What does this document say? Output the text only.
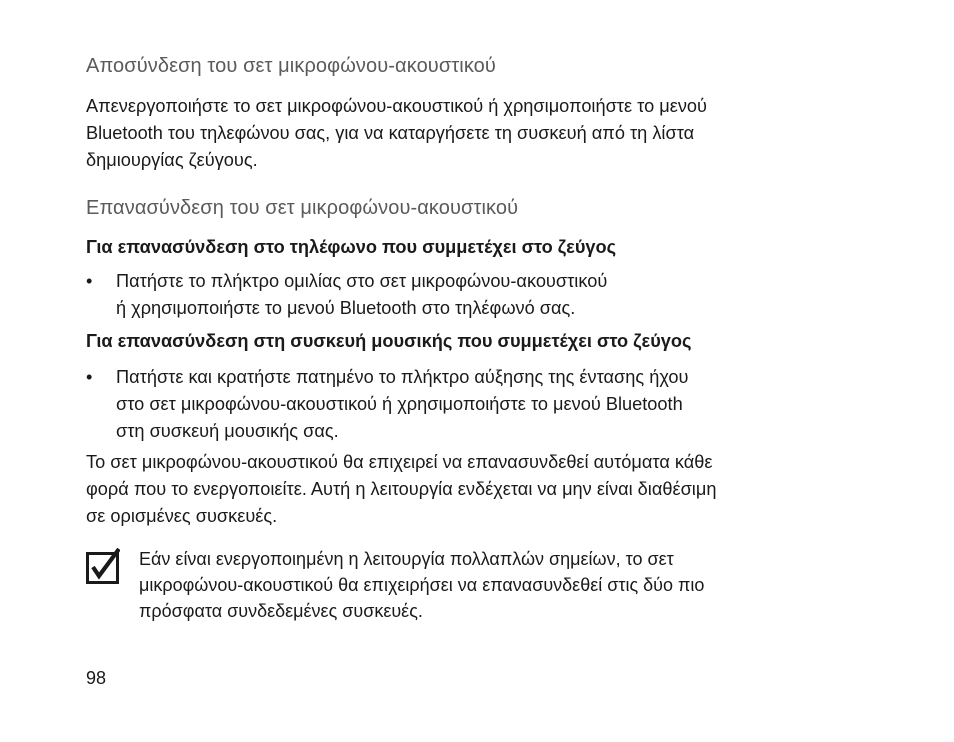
Αποσύνδεση του σετ μικροφώνου-ακουστικού

Απενεργοποιήστε το σετ μικροφώνου-ακουστικού ή χρησιμοποιήστε το μενού
Bluetooth του τηλεφώνου σας, για να καταργήσετε τη συσκευή από τη λίστα
δημιουργίας ζεύγους.

Επανασύνδεση του σετ μικροφώνου-ακουστικού

Για επανασύνδεση στο τηλέφωνο που συμμετέχει στο ζεύγος

• Πατήστε το πλήκτρο ομιλίας στο σετ μικροφώνου-ακουστικού
ή χρησιμοποιήστε το μενού Bluetooth στο τηλέφωνό σας.

Για επανασύνδεση στη συσκευή μουσικής που συμμετέχει στο ζεύγος

• Πατήστε και κρατήστε πατημένο το πλήκτρο αύξησης της έντασης ήχου
στο σετ μικροφώνου-ακουστικού ή χρησιμοποιήστε το μενού Bluetooth
στη συσκευή μουσικής σας.

Το σετ μικροφώνου-ακουστικού θα επιχειρεί να επανασυνδεθεί αυτόματα κάθε
φορά που το ενεργοποιείτε. Αυτή η λειτουργία ενδέχεται να μην είναι διαθέσιμη
σε ορισμένες συσκευές.

Εάν είναι ενεργοποιημένη η λειτουργία πολλαπλών σημείων, το σετ
μικροφώνου-ακουστικού θα επιχειρήσει να επανασυνδεθεί στις δύο πιο
πρόσφατα συνδεδεμένες συσκευές.

98
